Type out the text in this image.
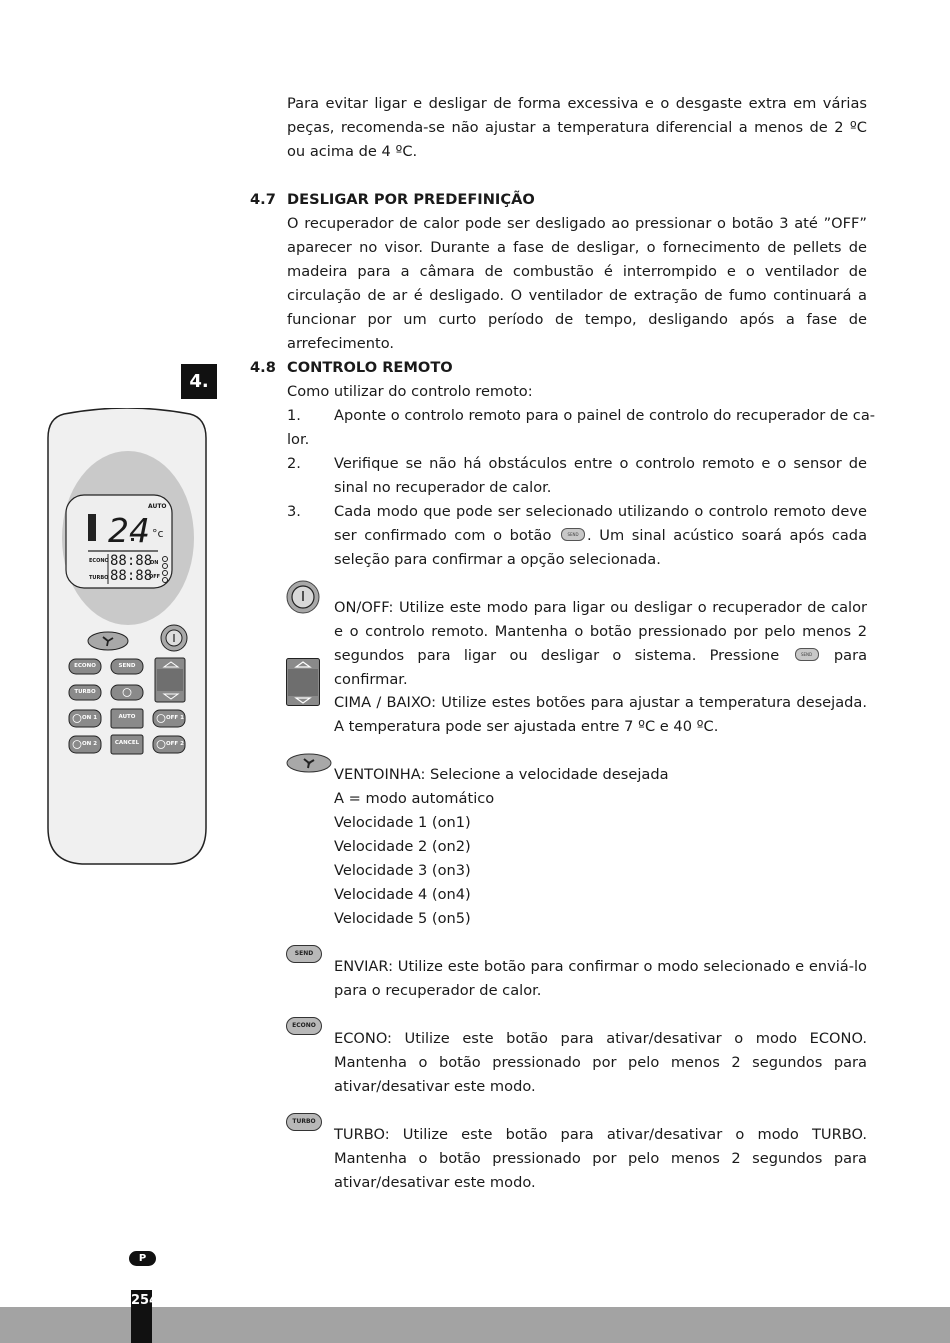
Para evitar ligar e desligar de forma excessiva e o desgaste extra em várias peças, recomenda-se não ajustar a temperatura diferencial a menos de 2 ºC ou acima de 4 ºC.

4.7 DESLIGAR POR PREDEFINIÇÃO

O recuperador de calor pode ser desligado ao pressionar o botão 3 até ”OFF” aparecer no visor. Durante a fase de desligar, o fornecimento de pellets de madeira para a câmara de combustão é interrompido e o ventilador de circulação de ar é desligado. O ventilador de extração de fumo continuará a funcionar por um curto período de tempo, desligando após a fase de arrefecimento.

4.
4.8 CONTROLO REMOTO
Como utilizar do controlo remoto:
1. Aponte o controlo remoto para o painel de controlo do recuperador de ca-
lor.
2. Verifique se não há obstáculos entre o controlo remoto e o sensor de sinal no recuperador de calor.

3. Cada modo que pode ser selecionado utilizando o controlo remoto deve ser confirmado com o botão	SEND . Um sinal acústico soará após cada seleção para confirmar a opção selecionada.

ON/OFF: Utilize este modo para ligar ou desligar o recuperador de calor e o controlo remoto. Mantenha o botão pressionado por pelo menos 2 segundos para ligar ou desligar o sistema. Pressione	SEND para confirmar.

CIMA / BAIXO: Utilize estes botões para ajustar a temperatura desejada. A temperatura pode ser ajustada entre 7 ºC e 40 ºC.

VENTOINHA: Selecione a velocidade desejada
A = modo automático
Velocidade 1 (on1)
Velocidade 2 (on2)
Velocidade 3 (on3)
Velocidade 4 (on4)
Velocidade 5 (on5)
SEND

ENVIAR: Utilize este botão para confirmar o modo selecionado e enviá-lo para o recuperador de calor.

ECONO

ECONO: Utilize este botão para ativar/desativar o modo ECONO. Mantenha o botão pressionado por pelo menos 2 segundos para ativar/desativar este modo.

TURBO

TURBO: Utilize este botão para ativar/desativar o modo TURBO. Mantenha o botão pressionado por pelo menos 2 segundos para ativar/desativar este modo.

AUTO
24 °c
ECONO
TURBO
88:88
88:88
ON
OFF
ECONO	SEND
TURBO
ON 1	AUTO	OFF 1
ON 2	CANCEL	OFF 2
P
254
